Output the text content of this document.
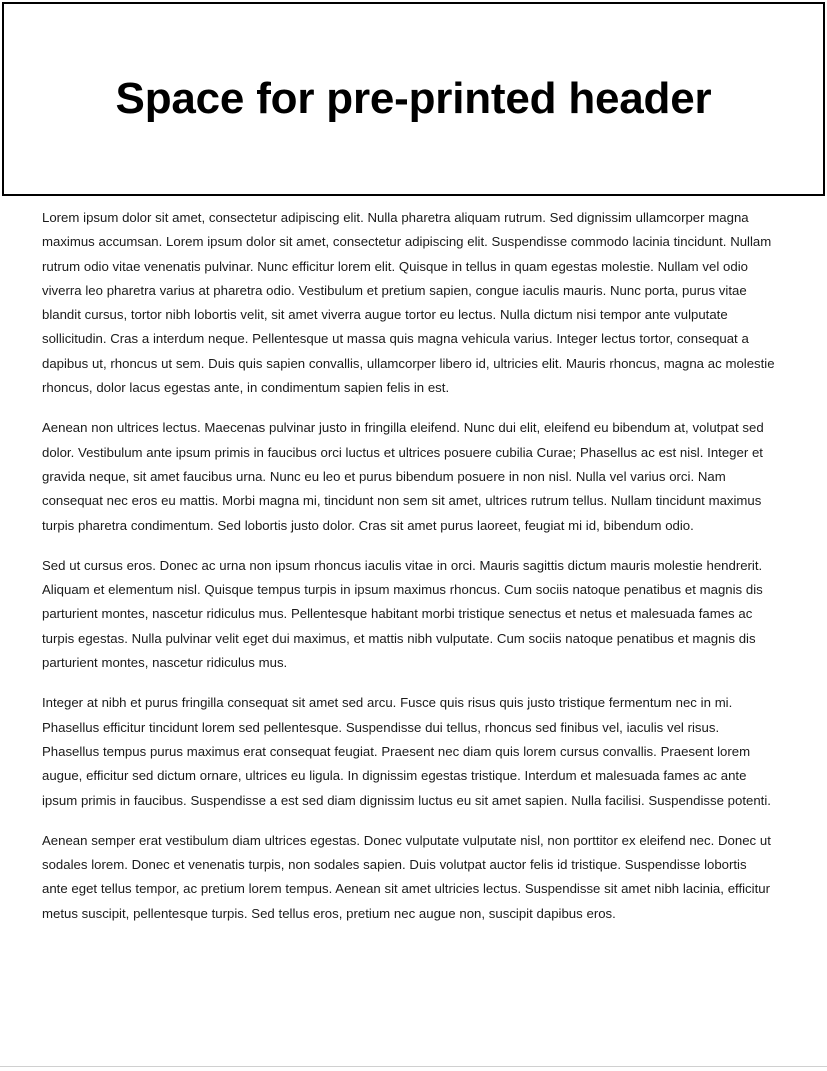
Space for pre-printed header

Lorem ipsum dolor sit amet, consectetur adipiscing elit. Nulla pharetra aliquam rutrum. Sed dignissim ullamcorper magna maximus accumsan. Lorem ipsum dolor sit amet, consectetur adipiscing elit. Suspendisse commodo lacinia tincidunt. Nullam rutrum odio vitae venenatis pulvinar. Nunc efficitur lorem elit. Quisque in tellus in quam egestas molestie. Nullam vel odio viverra leo pharetra varius at pharetra odio. Vestibulum et pretium sapien, congue iaculis mauris. Nunc porta, purus vitae blandit cursus, tortor nibh lobortis velit, sit amet viverra augue tortor eu lectus. Nulla dictum nisi tempor ante vulputate sollicitudin. Cras a interdum neque. Pellentesque ut massa quis magna vehicula varius. Integer lectus tortor, consequat a dapibus ut, rhoncus ut sem. Duis quis sapien convallis, ullamcorper libero id, ultricies elit. Mauris rhoncus, magna ac molestie rhoncus, dolor lacus egestas ante, in condimentum sapien felis in est.

Aenean non ultrices lectus. Maecenas pulvinar justo in fringilla eleifend. Nunc dui elit, eleifend eu bibendum at, volutpat sed dolor. Vestibulum ante ipsum primis in faucibus orci luctus et ultrices posuere cubilia Curae; Phasellus ac est nisl. Integer et gravida neque, sit amet faucibus urna. Nunc eu leo et purus bibendum posuere in non nisl. Nulla vel varius orci. Nam consequat nec eros eu mattis. Morbi magna mi, tincidunt non sem sit amet, ultrices rutrum tellus. Nullam tincidunt maximus turpis pharetra condimentum. Sed lobortis justo dolor. Cras sit amet purus laoreet, feugiat mi id, bibendum odio.

Sed ut cursus eros. Donec ac urna non ipsum rhoncus iaculis vitae in orci. Mauris sagittis dictum mauris molestie hendrerit. Aliquam et elementum nisl. Quisque tempus turpis in ipsum maximus rhoncus. Cum sociis natoque penatibus et magnis dis parturient montes, nascetur ridiculus mus. Pellentesque habitant morbi tristique senectus et netus et malesuada fames ac turpis egestas. Nulla pulvinar velit eget dui maximus, et mattis nibh vulputate. Cum sociis natoque penatibus et magnis dis parturient montes, nascetur ridiculus mus.

Integer at nibh et purus fringilla consequat sit amet sed arcu. Fusce quis risus quis justo tristique fermentum nec in mi. Phasellus efficitur tincidunt lorem sed pellentesque. Suspendisse dui tellus, rhoncus sed finibus vel, iaculis vel risus. Phasellus tempus purus maximus erat consequat feugiat. Praesent nec diam quis lorem cursus convallis. Praesent lorem augue, efficitur sed dictum ornare, ultrices eu ligula. In dignissim egestas tristique. Interdum et malesuada fames ac ante ipsum primis in faucibus. Suspendisse a est sed diam dignissim luctus eu sit amet sapien. Nulla facilisi. Suspendisse potenti.

Aenean semper erat vestibulum diam ultrices egestas. Donec vulputate vulputate nisl, non porttitor ex eleifend nec. Donec ut sodales lorem. Donec et venenatis turpis, non sodales sapien. Duis volutpat auctor felis id tristique. Suspendisse lobortis ante eget tellus tempor, ac pretium lorem tempus. Aenean sit amet ultricies lectus. Suspendisse sit amet nibh lacinia, efficitur metus suscipit, pellentesque turpis. Sed tellus eros, pretium nec augue non, suscipit dapibus eros.
